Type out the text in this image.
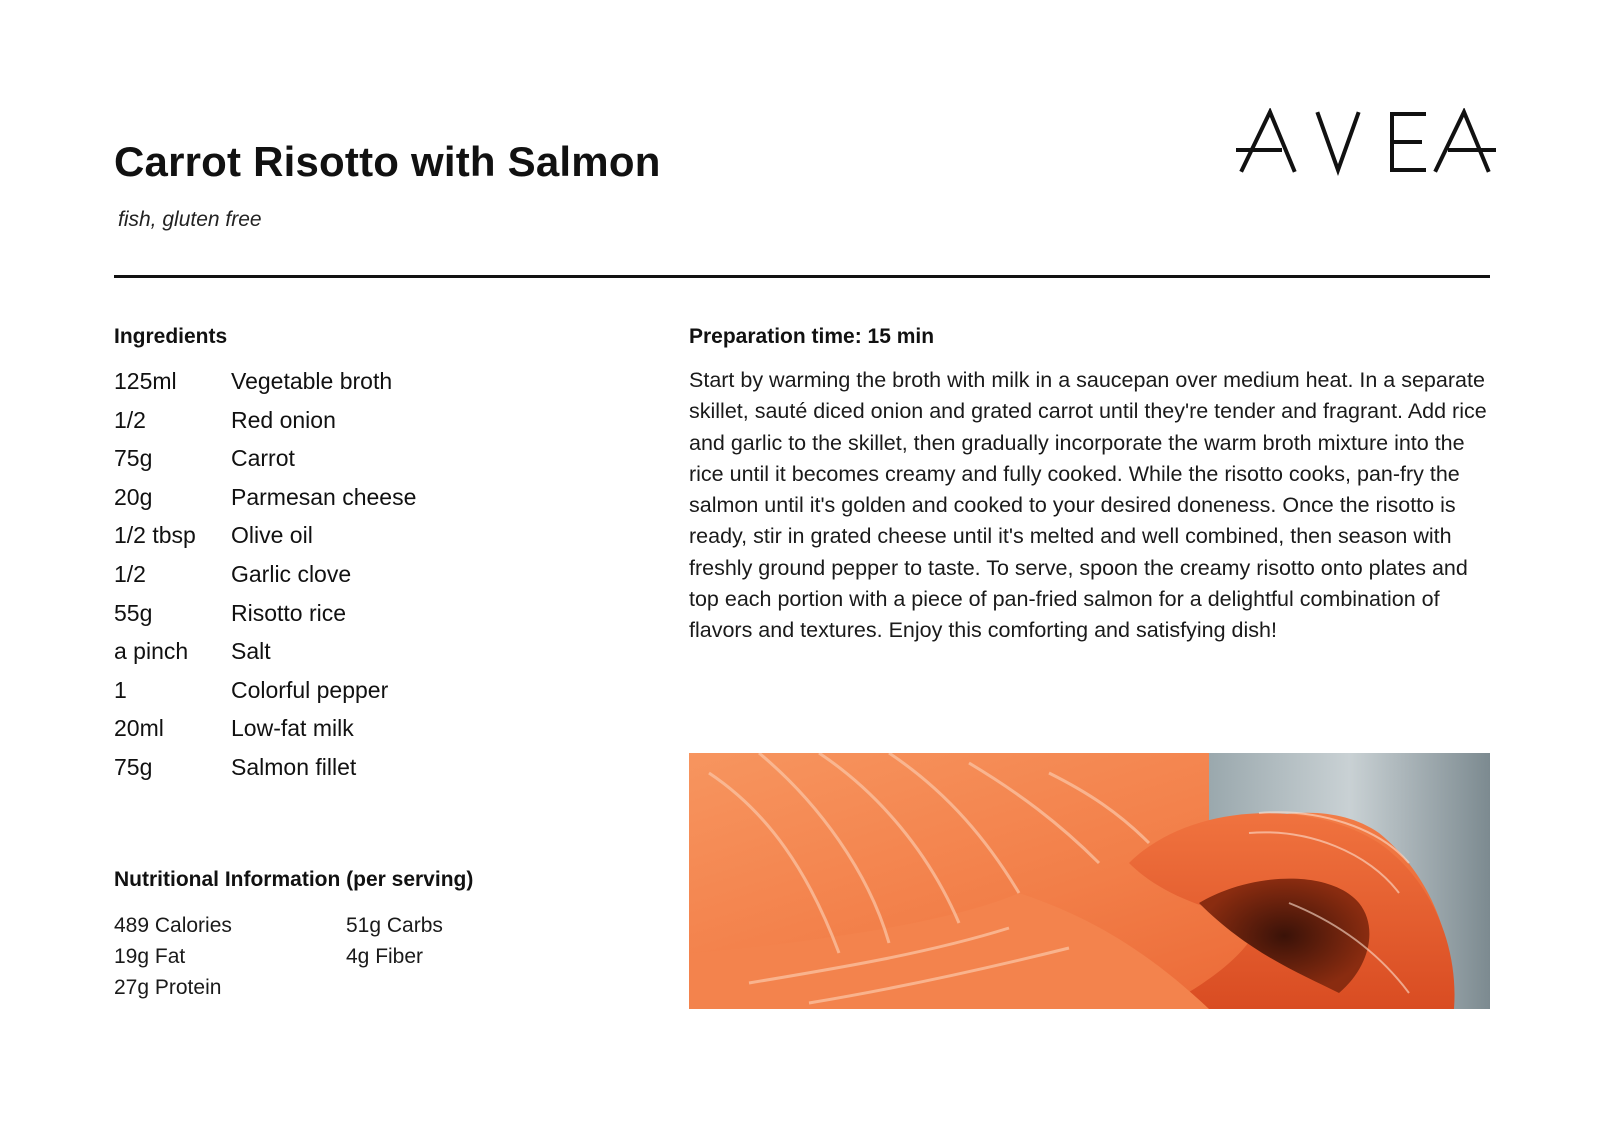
Carrot Risotto with Salmon
fish, gluten free
Ingredients
125ml Vegetable broth
1/2	Red onion
75g	Carrot
20g	Parmesan cheese
1/2 tbsp Olive oil
1/2	Garlic clove
55g	Risotto rice
a pinch Salt
1	Colorful pepper
20ml	Low-fat milk
75g	Salmon fillet
Preparation time: 15 min

Start by warming the broth with milk in a saucepan over medium heat. In a separate skillet, sauté diced onion and grated carrot until they're tender and fragrant. Add rice and garlic to the skillet, then gradually incorporate the warm broth mixture into the rice until it becomes creamy and fully cooked. While the risotto cooks, pan-fry the salmon until it's golden and cooked to your desired doneness. Once the risotto is ready, stir in grated cheese until it's melted and well combined, then season with freshly ground pepper to taste. To serve, spoon the creamy risotto onto plates and top each portion with a piece of pan-fried salmon for a delightful combination of flavors and textures. Enjoy this comforting and satisfying dish!

Nutritional Information (per serving)
489 Calories
19g Fat
27g Protein
51g Carbs
4g Fiber
